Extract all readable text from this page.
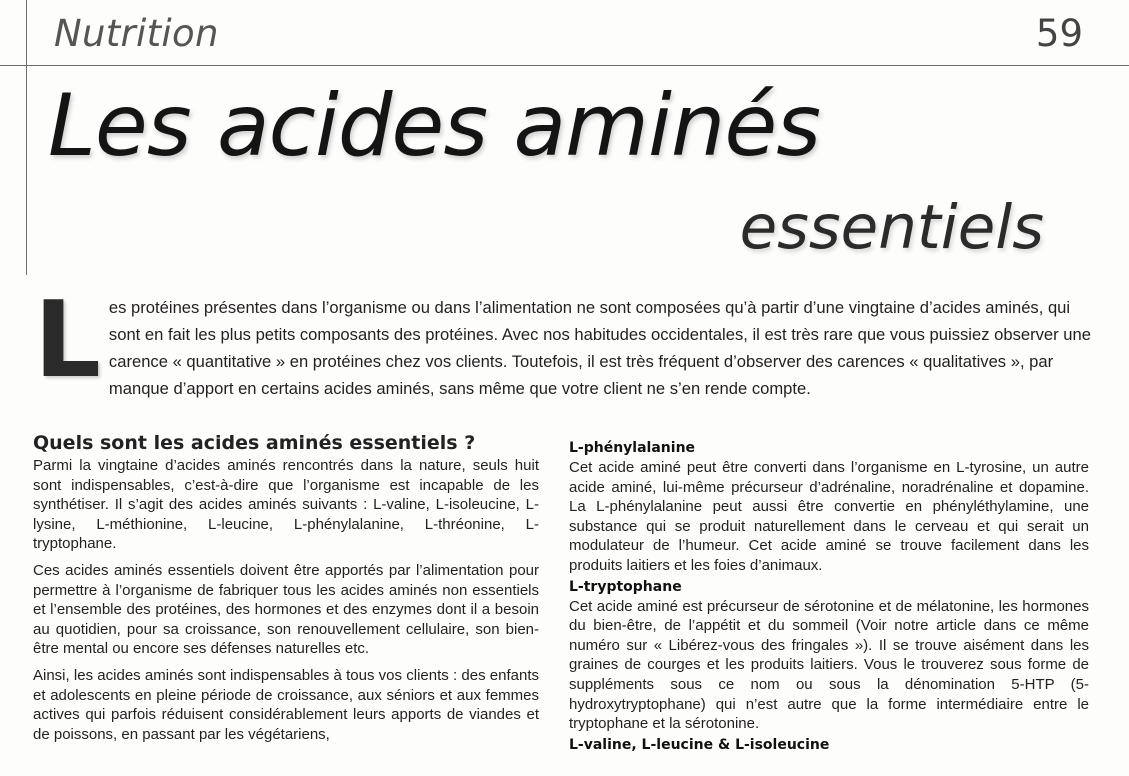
Nutrition	59
Les acides aminés
essentiels

Les protéines présentes dans l’organisme ou dans l’alimentation ne sont composées qu’à partir d’une vingtaine d’acides aminés, qui sont en fait les plus petits composants des protéines. Avec nos habitudes occidentales, il est très rare que vous puissiez observer une carence « quantitative » en protéines chez vos clients. Toutefois, il est très fréquent d’observer des carences « qualitatives », par manque d’apport en certains acides aminés, sans même que votre client ne s’en rende compte.

Quels sont les acides aminés essentiels ?

Parmi la vingtaine d’acides aminés rencontrés dans la nature, seuls huit sont indispensables, c’est-à-dire que l’organisme est incapable de les synthétiser. Il s’agit des acides aminés suivants : L-valine, L-isoleucine, L-lysine, L-méthionine, L-leucine, L-phénylalanine, L-thréonine, L-tryptophane.

Ces acides aminés essentiels doivent être apportés par l’alimentation pour permettre à l’organisme de fabriquer tous les acides aminés non essentiels et l’ensemble des protéines, des hormones et des enzymes dont il a besoin au quotidien, pour sa croissance, son renouvellement cellulaire, son bien-être mental ou encore ses défenses naturelles etc.

Ainsi, les acides aminés sont indispensables à tous vos clients : des enfants et adolescents en pleine période de croissance, aux séniors et aux femmes actives qui parfois réduisent considérablement leurs apports de viandes et de poissons, en passant par les végétariens,

L-phénylalanine

Cet acide aminé peut être converti dans l’organisme en L-tyrosine, un autre acide aminé, lui-même précurseur d’adrénaline, noradrénaline et dopamine. La L-phénylalanine peut aussi être convertie en phényléthylamine, une substance qui se produit naturellement dans le cerveau et qui serait un modulateur de l’humeur. Cet acide aminé se trouve facilement dans les produits laitiers et les foies d’animaux.

L-tryptophane

Cet acide aminé est précurseur de sérotonine et de mélatonine, les hormones du bien-être, de l’appétit et du sommeil (Voir notre article dans ce même numéro sur « Libérez-vous des fringales »). Il se trouve aisément dans les graines de courges et les produits laitiers. Vous le trouverez sous forme de suppléments sous ce nom ou sous la dénomination 5-HTP (5-hydroxytryptophane) qui n’est autre que la forme intermédiaire entre le tryptophane et la sérotonine.

L-valine, L-leucine & L-isoleucine
